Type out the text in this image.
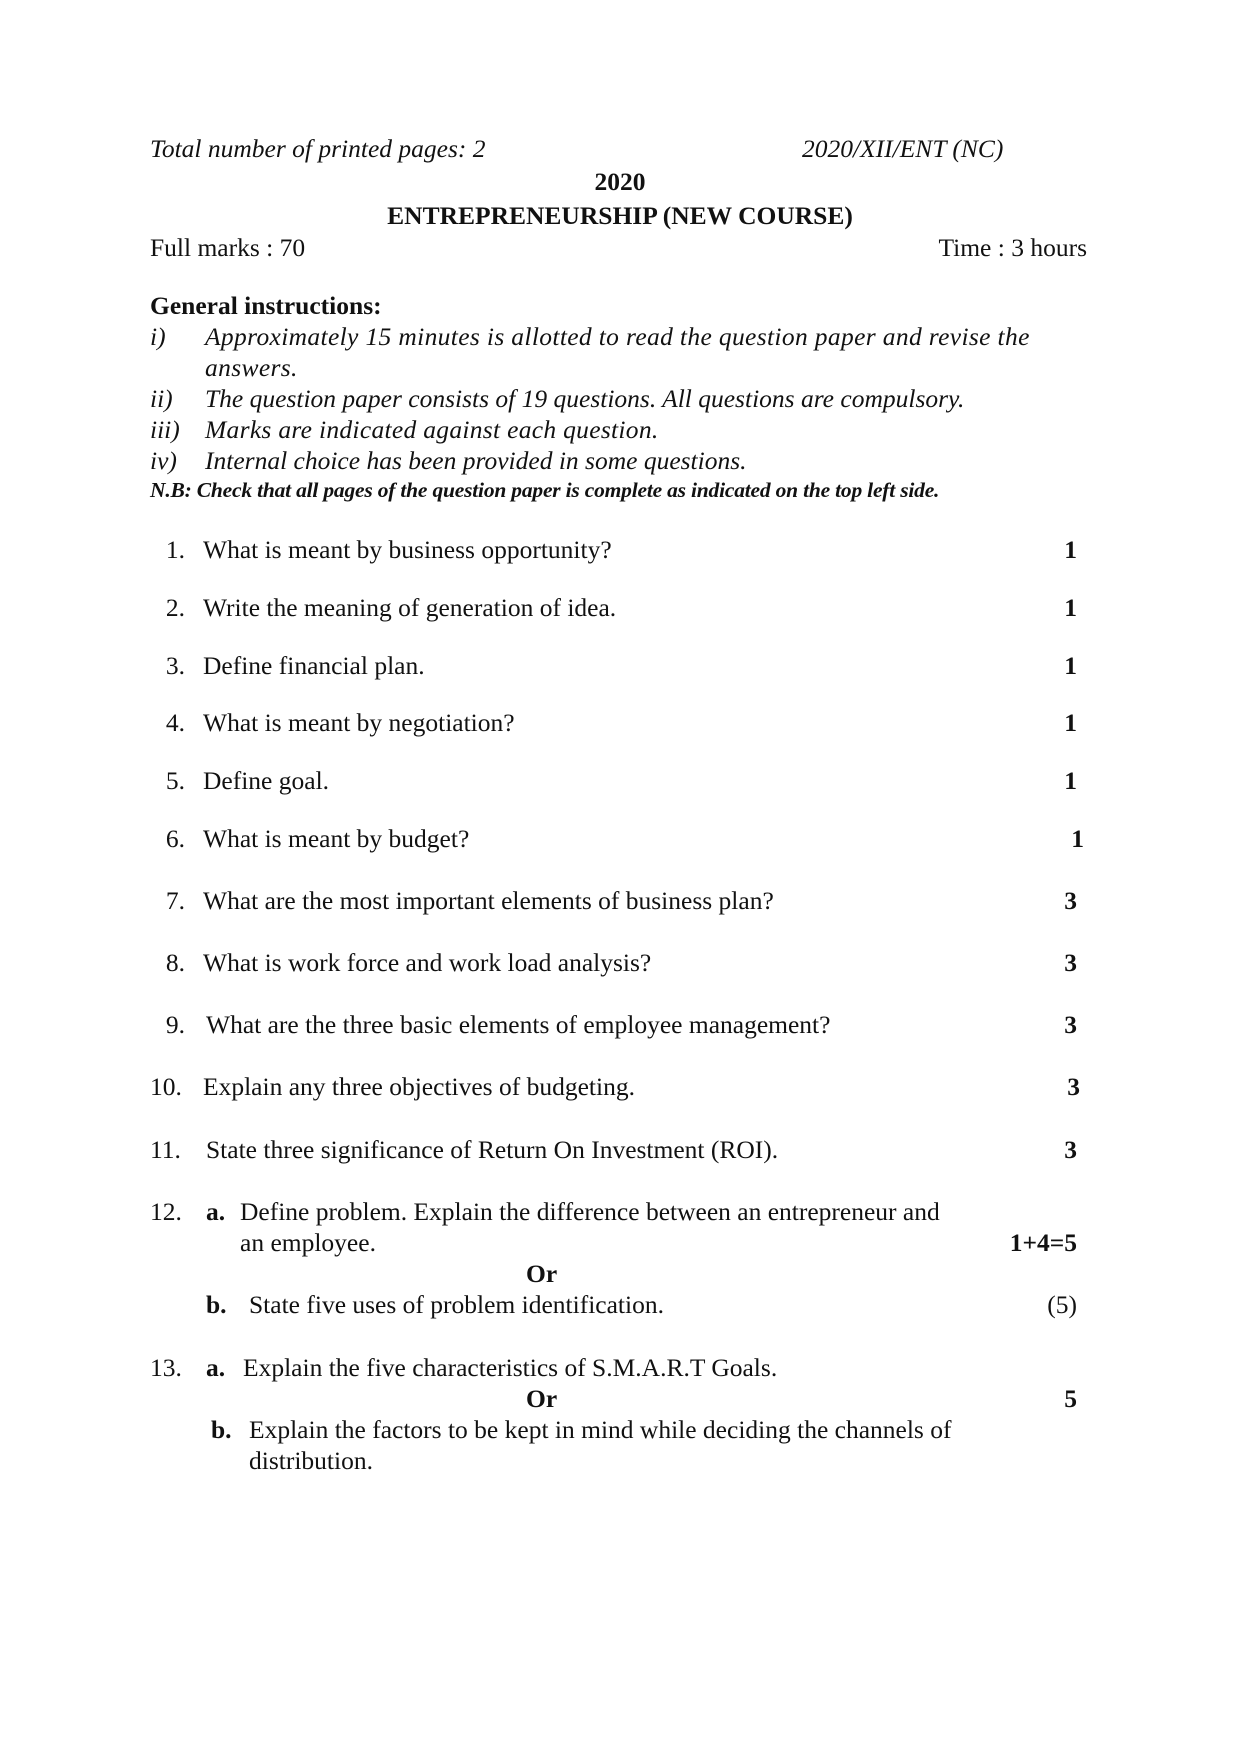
Total number of printed pages: 2	2020/XII/ENT (NC)
2020
ENTREPRENEURSHIP (NEW COURSE)
Full marks : 70	Time : 3 hours
General instructions:
i) Approximately 15 minutes is allotted to read the question paper and revise the
answers.
ii) The question paper consists of 19 questions. All questions are compulsory.
iii) Marks are indicated against each question.
iv) Internal choice has been provided in some questions.
N.B: Check that all pages of the question paper is complete as indicated on the top left side.
1. What is meant by business opportunity?	1
2. Write the meaning of generation of idea.	1
3. Define financial plan.	1
4. What is meant by negotiation?	1
5. Define goal.	1
6. What is meant by budget?	1
7. What are the most important elements of business plan?	3
8. What is work force and work load analysis?	3
9. What are the three basic elements of employee management?	3
10. Explain any three objectives of budgeting.	3
11. State three significance of Return On Investment (ROI).	3
12. a. Define problem. Explain the difference between an entrepreneur and
an employee.	1+4=5
Or
b. State five uses of problem identification.	(5)
13. a. Explain the five characteristics of S.M.A.R.T Goals.
Or	5
b. Explain the factors to be kept in mind while deciding the channels of
distribution.
